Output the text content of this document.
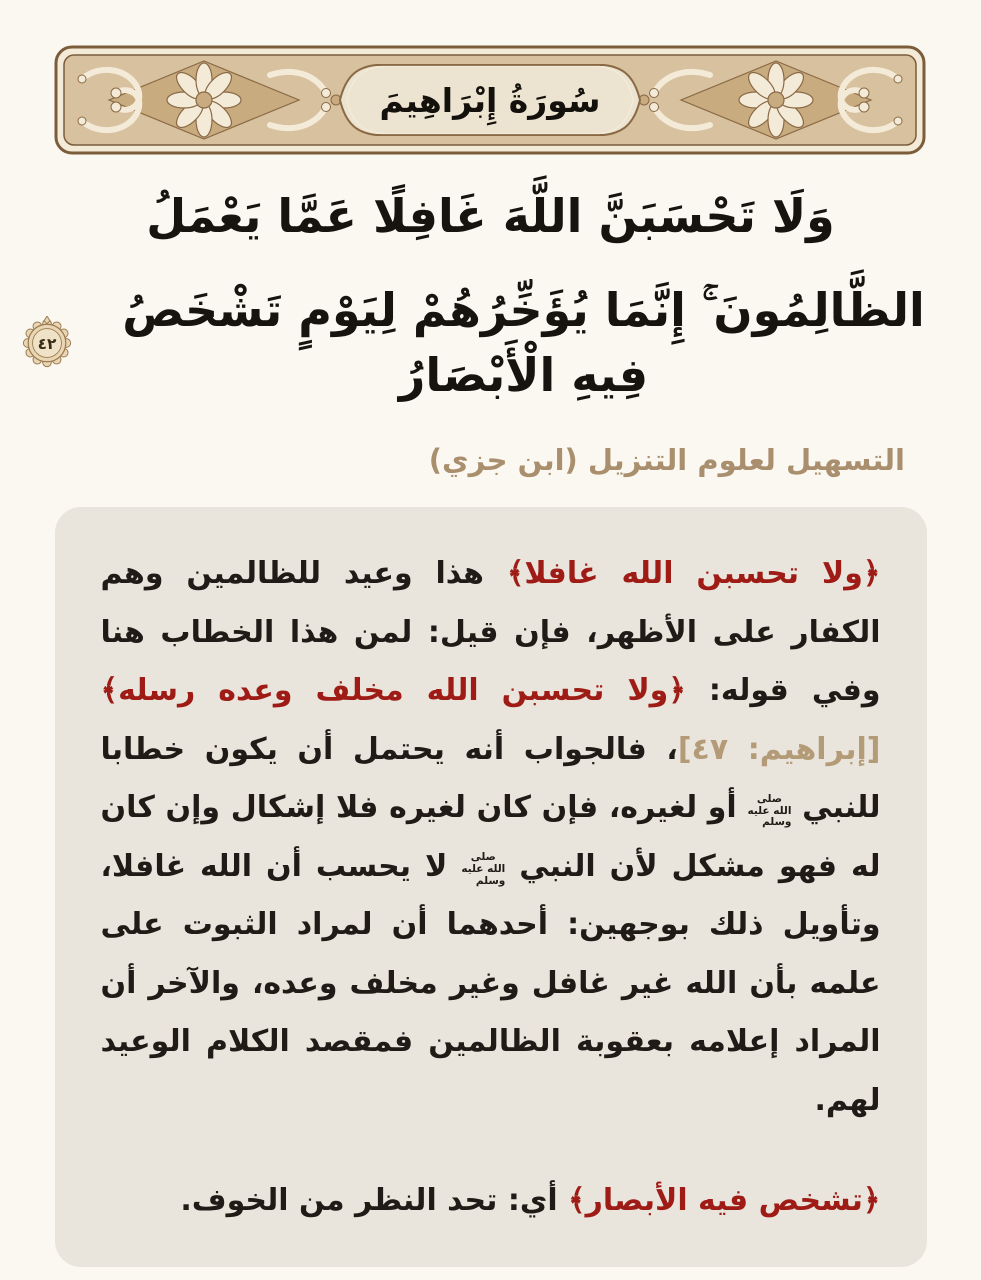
سُورَةُ إِبْرَاهِيمَ
وَلَا تَحْسَبَنَّ اللَّهَ غَافِلًا عَمَّا يَعْمَلُ
الظَّالِمُونَ ۚ إِنَّمَا يُؤَخِّرُهُمْ لِيَوْمٍ تَشْخَصُ فِيهِ الْأَبْصَارُ
٤٢
التسهيل لعلوم التنزيل (ابن جزي)

﴿ولا تحسبن الله غافلا﴾ هذا وعيد للظالمين وهم الكفار على الأظهر، فإن قيل: لمن هذا الخطاب هنا وفي قوله: ﴿ولا تحسبن الله مخلف وعده رسله﴾ [إبراهيم: ٤٧]، فالجواب أنه يحتمل أن يكون خطابا للنبي صلى الله عليه وسلم أو لغيره، فإن كان لغيره فلا إشكال وإن كان له فهو مشكل لأن النبي صلى الله عليه وسلم لا يحسب أن الله غافلا، وتأويل ذلك بوجهين: أحدهما أن لمراد الثبوت على علمه بأن الله غير غافل وغير مخلف وعده، والآخر أن المراد إعلامه بعقوبة الظالمين فمقصد الكلام الوعيد لهم.

﴿تشخص فيه الأبصار﴾ أي: تحد النظر من الخوف.
